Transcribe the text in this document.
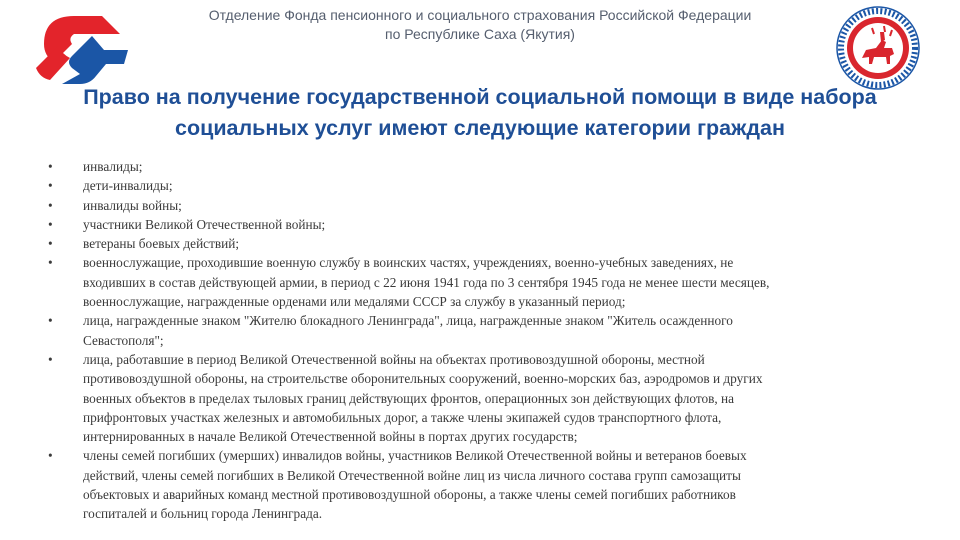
Отделение Фонда пенсионного и социального страхования Российской Федерации
по Республике Саха (Якутия)
Право на получение государственной социальной помощи в виде набора
социальных услуг имеют следующие категории граждан
•	инвалиды;
•	дети-инвалиды;
•	инвалиды войны;
•	участники Великой Отечественной войны;
•	ветераны боевых действий;
•	военнослужащие, проходившие военную службу в воинских частях, учреждениях, военно-учебных заведениях, не
входивших в состав действующей армии, в период с 22 июня 1941 года по 3 сентября 1945 года не менее шести месяцев,
военнослужащие, награжденные орденами или медалями СССР за службу в указанный период;
•	лица, награжденные знаком "Жителю блокадного Ленинграда", лица, награжденные знаком "Житель осажденного
Севастополя";
•	лица, работавшие в период Великой Отечественной войны на объектах противовоздушной обороны, местной
противовоздушной обороны, на строительстве оборонительных сооружений, военно-морских баз, аэродромов и других
военных объектов в пределах тыловых границ действующих фронтов, операционных зон действующих флотов, на
прифронтовых участках железных и автомобильных дорог, а также члены экипажей судов транспортного флота,
интернированных в начале Великой Отечественной войны в портах других государств;
•	члены семей погибших (умерших) инвалидов войны, участников Великой Отечественной войны и ветеранов боевых
действий, члены семей погибших в Великой Отечественной войне лиц из числа личного состава групп самозащиты
объектовых и аварийных команд местной противовоздушной обороны, а также члены семей погибших работников
госпиталей и больниц города Ленинграда.
